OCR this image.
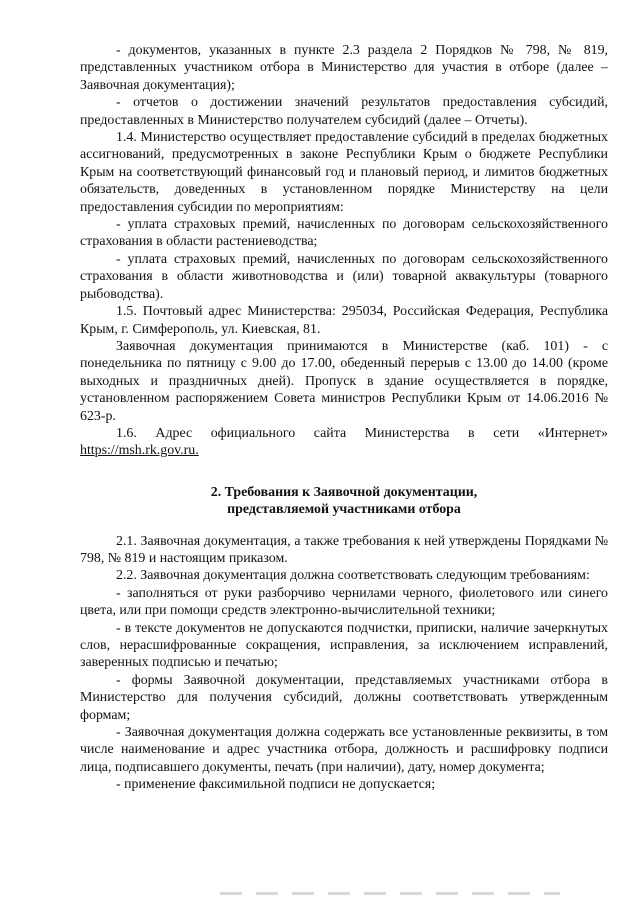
- документов, указанных в пункте 2.3 раздела 2 Порядков № 798, № 819, представленных участником отбора в Министерство для участия в отборе (далее – Заявочная документация);

- отчетов о достижении значений результатов предоставления субсидий, предоставленных в Министерство получателем субсидий (далее – Отчеты).

1.4. Министерство осуществляет предоставление субсидий в пределах бюджетных ассигнований, предусмотренных в законе Республики Крым о бюджете Республики Крым на соответствующий финансовый год и плановый период, и лимитов бюджетных обязательств, доведенных в установленном порядке Министерству на цели предоставления субсидии по мероприятиям:

- уплата страховых премий, начисленных по договорам сельскохозяйственного страхования в области растениеводства;

- уплата страховых премий, начисленных по договорам сельскохозяйственного страхования в области животноводства и (или) товарной аквакультуры (товарного рыбоводства).

1.5. Почтовый адрес Министерства: 295034, Российская Федерация, Республика Крым, г. Симферополь, ул. Киевская, 81.

Заявочная документация принимаются в Министерстве (каб. 101) - с понедельника по пятницу с 9.00 до 17.00, обеденный перерыв с 13.00 до 14.00 (кроме выходных и праздничных дней). Пропуск в здание осуществляется в порядке, установленном распоряжением Совета министров Республики Крым от 14.06.2016 № 623-р.

1.6. Адрес официального сайта Министерства в сети «Интернет» https://msh.rk.gov.ru.

2. Требования к Заявочной документации,
представляемой участниками отбора

2.1. Заявочная документация, а также требования к ней утверждены Порядками № 798, № 819 и настоящим приказом.

2.2. Заявочная документация должна соответствовать следующим требованиям:

- заполняться от руки разборчиво чернилами черного, фиолетового или синего цвета, или при помощи средств электронно-вычислительной техники;

- в тексте документов не допускаются подчистки, приписки, наличие зачеркнутых слов, нерасшифрованные сокращения, исправления, за исключением исправлений, заверенных подписью и печатью;

- формы Заявочной документации, представляемых участниками отбора в Министерство для получения субсидий, должны соответствовать утвержденным формам;

- Заявочная документация должна содержать все установленные реквизиты, в том числе наименование и адрес участника отбора, должность и расшифровку подписи лица, подписавшего документы, печать (при наличии), дату, номер документа;

- применение факсимильной подписи не допускается;
